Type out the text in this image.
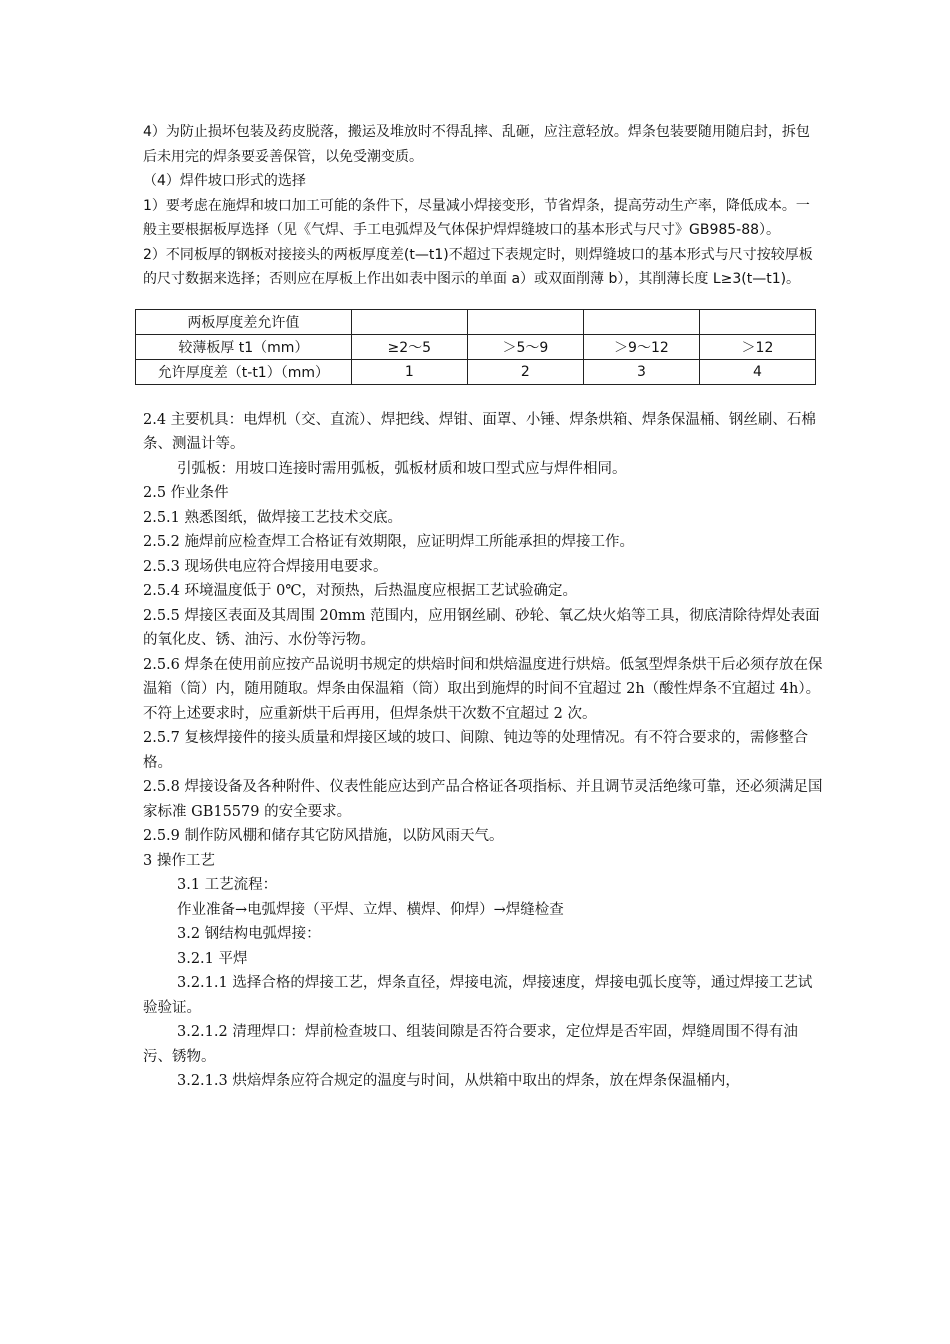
4）为防止损坏包装及药皮脱落，搬运及堆放时不得乱摔、乱砸，应注意轻放。焊条包装要随用随启封，拆包后未用完的焊条要妥善保管，以免受潮变质。

（4）焊件坡口形式的选择

1）要考虑在施焊和坡口加工可能的条件下，尽量减小焊接变形，节省焊条，提高劳动生产率，降低成本。一般主要根据板厚选择（见《气焊、手工电弧焊及气体保护焊焊缝坡口的基本形式与尺寸》GB985-88）。

2）不同板厚的钢板对接接头的两板厚度差(t—t1)不超过下表规定时，则焊缝坡口的基本形式与尺寸按较厚板的尺寸数据来选择；否则应在厚板上作出如表中图示的单面 a）或双面削薄 b），其削薄长度 L≥3(t—t1)。

两板厚度差允许值				
较薄板厚 t1（mm）	≥2～5	＞5～9	＞9～12	＞12
允许厚度差（t-t1）（mm）	1	2	3	4

2.4 主要机具：电焊机（交、直流）、焊把线、焊钳、面罩、小锤、焊条烘箱、焊条保温桶、钢丝刷、石棉条、测温计等。

引弧板：用坡口连接时需用弧板，弧板材质和坡口型式应与焊件相同。

2.5 作业条件

2.5.1 熟悉图纸，做焊接工艺技术交底。

2.5.2 施焊前应检查焊工合格证有效期限，应证明焊工所能承担的焊接工作。

2.5.3 现场供电应符合焊接用电要求。

2.5.4 环境温度低于 0℃，对预热，后热温度应根据工艺试验确定。

2.5.5 焊接区表面及其周围 20mm 范围内，应用钢丝刷、砂轮、氧乙炔火焰等工具，彻底清除待焊处表面的氧化皮、锈、油污、水份等污物。

2.5.6 焊条在使用前应按产品说明书规定的烘焙时间和烘焙温度进行烘焙。低氢型焊条烘干后必须存放在保温箱（筒）内，随用随取。焊条由保温箱（筒）取出到施焊的时间不宜超过 2h（酸性焊条不宜超过 4h）。不符上述要求时，应重新烘干后再用，但焊条烘干次数不宜超过 2 次。

2.5.7 复核焊接件的接头质量和焊接区域的坡口、间隙、钝边等的处理情况。有不符合要求的，需修整合格。

2.5.8 焊接设备及各种附件、仪表性能应达到产品合格证各项指标、并且调节灵活绝缘可靠，还必须满足国家标准 GB15579 的安全要求。

2.5.9 制作防风棚和储存其它防风措施，以防风雨天气。

3 操作工艺

3.1 工艺流程：

作业准备→电弧焊接（平焊、立焊、横焊、仰焊）→焊缝检查

3.2 钢结构电弧焊接：

3.2.1 平焊

3.2.1.1 选择合格的焊接工艺，焊条直径，焊接电流，焊接速度，焊接电弧长度等，通过焊接工艺试验验证。

3.2.1.2 清理焊口：焊前检查坡口、组装间隙是否符合要求，定位焊是否牢固，焊缝周围不得有油污、锈物。

3.2.1.3 烘焙焊条应符合规定的温度与时间，从烘箱中取出的焊条，放在焊条保温桶内，
